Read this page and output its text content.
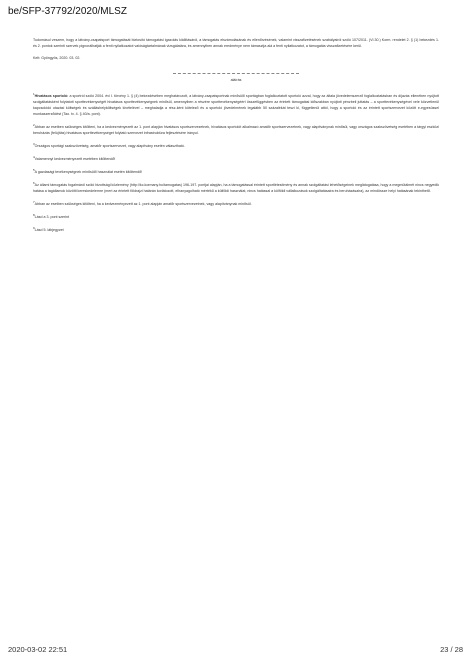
be/SFP-37792/2020/MLSZ

Tudomásul veszem, hogy a látvány-csapatsport támogatását biztosító támogatási igazolás kiállításáról, a támogatás elszámolásának és ellenőrzésének, valamint visszafizetésének szabályairól szóló 107/2011. (VI.30.) Korm. rendelet 2. § (1) bekezdés 1. és 2. pontok szerinti szervek pignorálhatják a fenti nyilatkozatot valóságtartalmának vizsgálatára, és amennyiben annak eredménye nem támasztja alá a fenti nyilatkozatot, a támogatás visszafizetésére kerül.

Kelt: Gyöngyös, 2020. 03. 02.

aláírás
$^1$Hivatásos sportoló: a sportról szóló 2004. évi I. törvény 1. § (4) bekezdésében meghatározott, a látvány-csapatsportnak minősülő sportágban foglalkoztatott sportoló azzal, hogy az általa jövedelemszerző foglalkoztatásban és díjazás ellenében nyújtott szolgáltatásként folytatott sporttevékenységét hivatásos sporttevékenységnek minősül, amennyiben a részére sporttevékenységéért összefüggésben az érintett támogatási időszakban nyújtott pénzbeli juttatás – a sporttevékenységével vele közvetlenül kapcsolódó utazási költségek és szálláshelyköltségek kivételével – meghaladja a rész-ként kötelező és a sportoló jövedelmének legalább 50 százalékát teszi ki, függetlenül attól, hogy a sportoló és az érintett sportszervezet között e-egyesüssel munkaszerződést (Tao. tv. 4. § 40/a. pont).
$^2$Abban az esetben szükséges kitölteni, ha a kedvezményezett az 1. pont alapján hivatásos sportszervezetnek, hivatásos sportolót alkalmazó amatőr sportszervezetnek, vagy alapítványnak minősül, vagy országos szakszövetség esetében a tárgyi eszközi beruházás (felújítás) hivatásos sporttevékenységet folytató szervezet infrastruktúra fejlesztésére irányul.
$^3$Országos sportági szakszövetség, amatőr sportszervezet, vagy alapítvány esetén választható.
$^4$Valamennyi kedvezményezett esetében kitöltendő!
$^5$A gazdasági tevékenységnek minősülő használat esetén kitöltendő!
$^6$Az állami támogatás fogalmáról szóló bizottsági közlemény (http://kc.kormany.hu/tamogatas) 196-197. pontjai alapján, ha a támogatással érintett sportlétesítmény és annak szolgáltatási lehetőségeinek meglátogatása, hogy a megmütálmét nincs negyedik hatása a tagállamok közötti kereskedelemre (mert az érintett földrajzi határán korlátozott, elhanyagolható mértékű a külföldi használat, nincs hatással a külföldi vállalkozások szolgáltatásaira és beruházásaira), az mindössze helyi hatásának tekinthető.
$^7$Abban az esetben szükséges kitölteni, ha a kedvezményezett az 1. pont alapján amatőr sportszervezetnek, vagy alapítványnak minősül.
$^8$Lásd a 3. pont szerint
$^9$Lásd 5. lábjegyzet
2020-03-02 22:51	23 / 28
